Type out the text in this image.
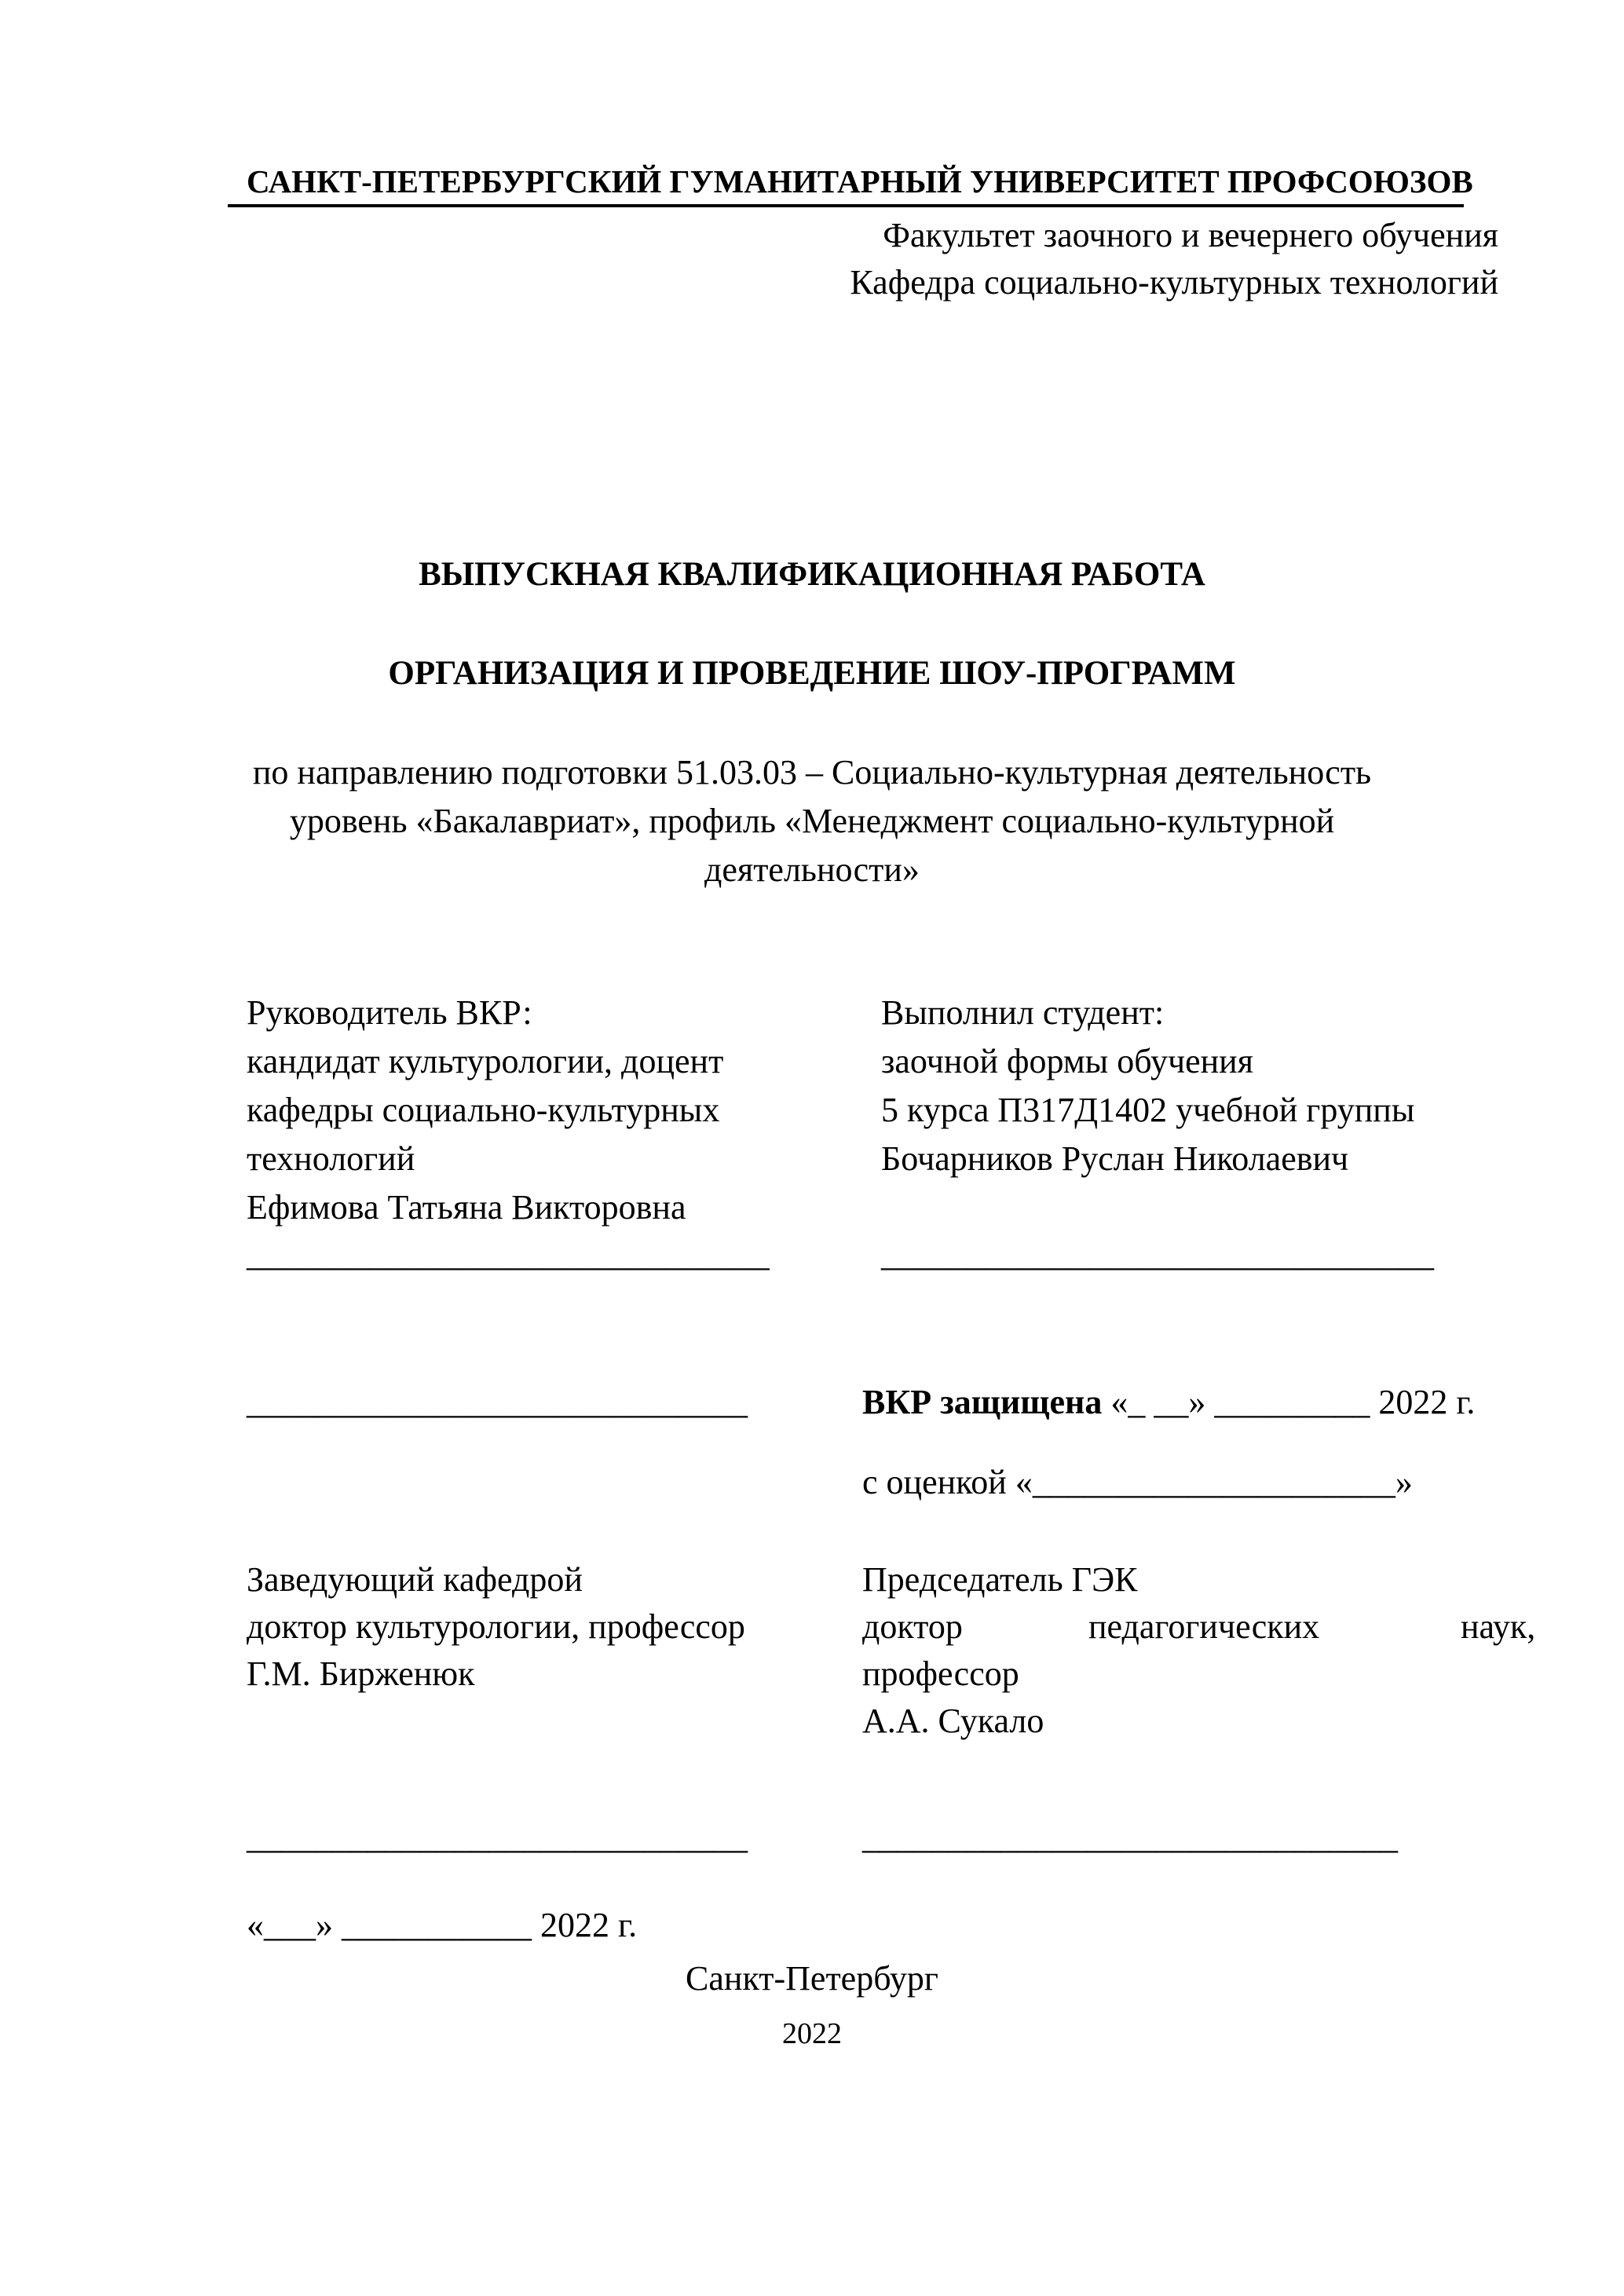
САНКТ-ПЕТЕРБУРГСКИЙ ГУМАНИТАРНЫЙ УНИВЕРСИТЕТ ПРОФСОЮЗОВ
Факультет заочного и вечернего обучения
Кафедра социально-культурных технологий
ВЫПУСКНАЯ КВАЛИФИКАЦИОННАЯ РАБОТА
ОРГАНИЗАЦИЯ И ПРОВЕДЕНИЕ ШОУ-ПРОГРАММ
по направлению подготовки 51.03.03 – Социально-культурная деятельность
уровень «Бакалавриат», профиль «Менеджмент социально-культурной
деятельности»
Руководитель ВКР:
кандидат культурологии, доцент
кафедры социально-культурных
технологий
Ефимова Татьяна Викторовна
______________________________
Выполнил студент:
заочной формы обучения
5 курса П317Д1402 учебной группы
Бочарников Руслан Николаевич
________________________________
_____________________________	ВКР защищена «_ __» _________ 2022 г.
с оценкой «_____________________»
Заведующий кафедрой
доктор культурологии, профессор
Г.М. Бирженюк
_____________________________
Председатель ГЭК
доктор	педагогических	наук,
профессор
А.А. Сукало
_______________________________
«___» ___________ 2022 г.
Санкт-Петербург
2022
